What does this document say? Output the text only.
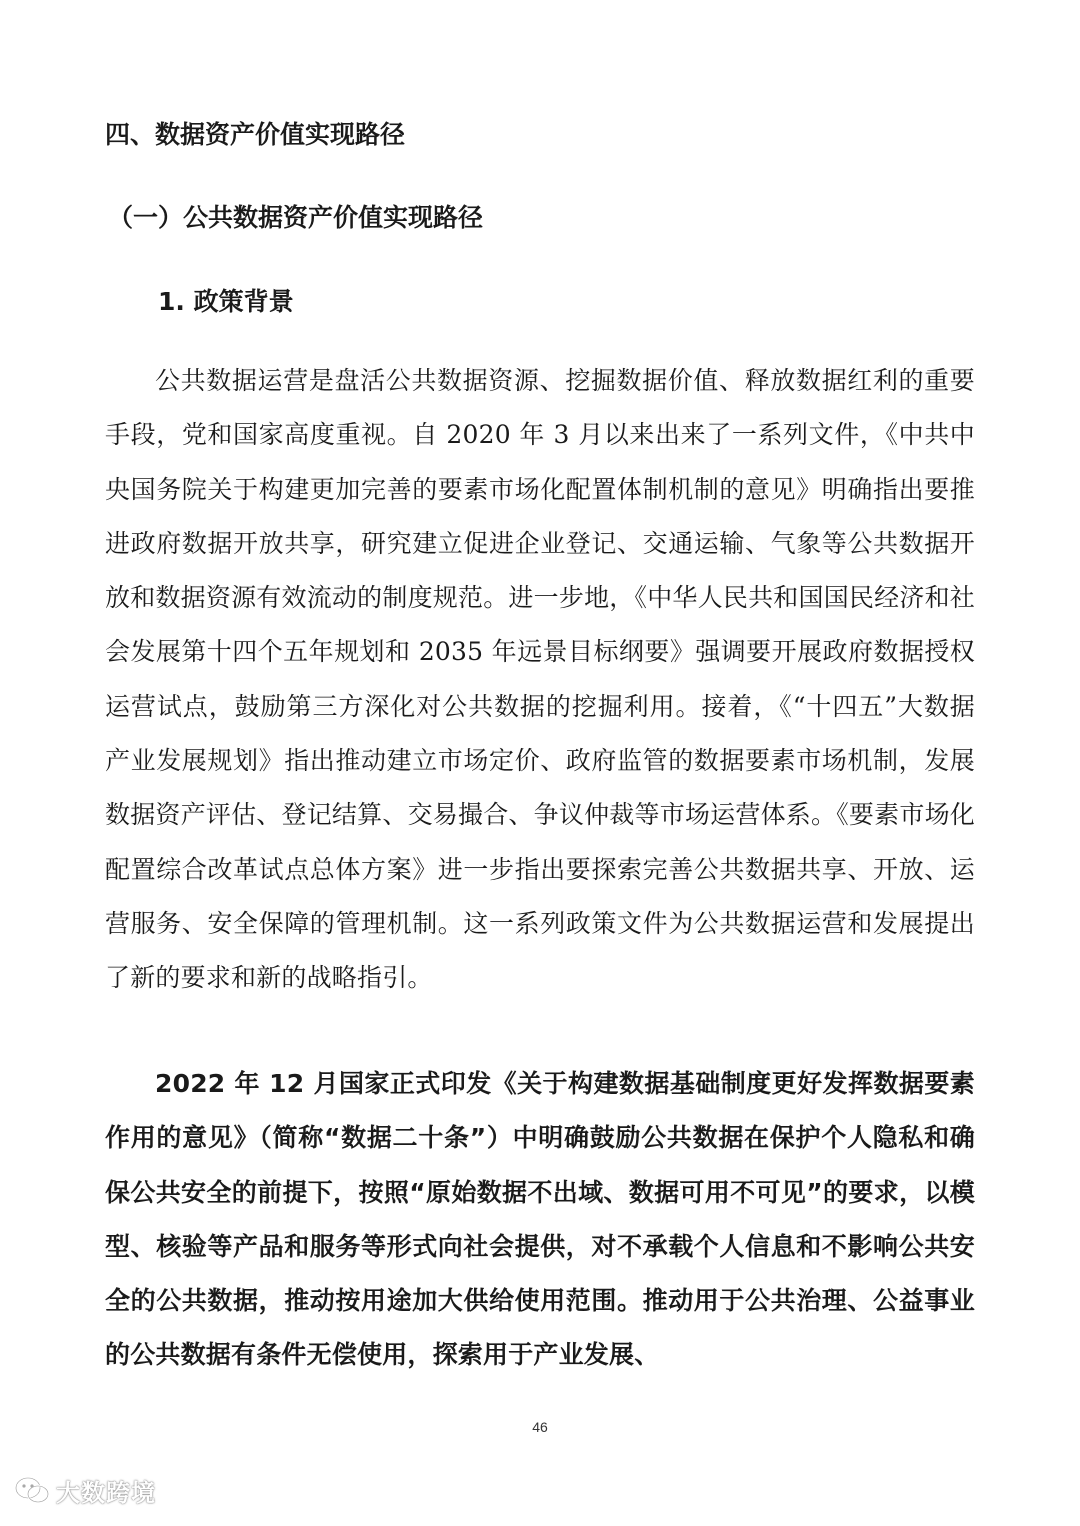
四、数据资产价值实现路径
（一）公共数据资产价值实现路径
1. 政策背景

公共数据运营是盘活公共数据资源、挖掘数据价值、释放数据红利的重要手段，党和国家高度重视。自 2020 年 3 月以来出来了一系列文件，《中共中央国务院关于构建更加完善的要素市场化配置体制机制的意见》明确指出要推进政府数据开放共享，研究建立促进企业登记、交通运输、气象等公共数据开放和数据资源有效流动的制度规范。进一步地，《中华人民共和国国民经济和社会发展第十四个五年规划和 2035 年远景目标纲要》强调要开展政府数据授权运营试点，鼓励第三方深化对公共数据的挖掘利用。接着，《“十四五”大数据产业发展规划》指出推动建立市场定价、政府监管的数据要素市场机制，发展数据资产评估、登记结算、交易撮合、争议仲裁等市场运营体系。《要素市场化配置综合改革试点总体方案》进一步指出要探索完善公共数据共享、开放、运营服务、安全保障的管理机制。这一系列政策文件为公共数据运营和发展提出了新的要求和新的战略指引。

2022 年 12 月国家正式印发《关于构建数据基础制度更好发挥数据要素作用的意见》（简称“数据二十条”）中明确鼓励公共数据在保护个人隐私和确保公共安全的前提下，按照“原始数据不出域、数据可用不可见”的要求，以模型、核验等产品和服务等形式向社会提供，对不承载个人信息和不影响公共安全的公共数据，推动按用途加大供给使用范围。推动用于公共治理、公益事业的公共数据有条件无偿使用，探索用于产业发展、

46
大数跨境
